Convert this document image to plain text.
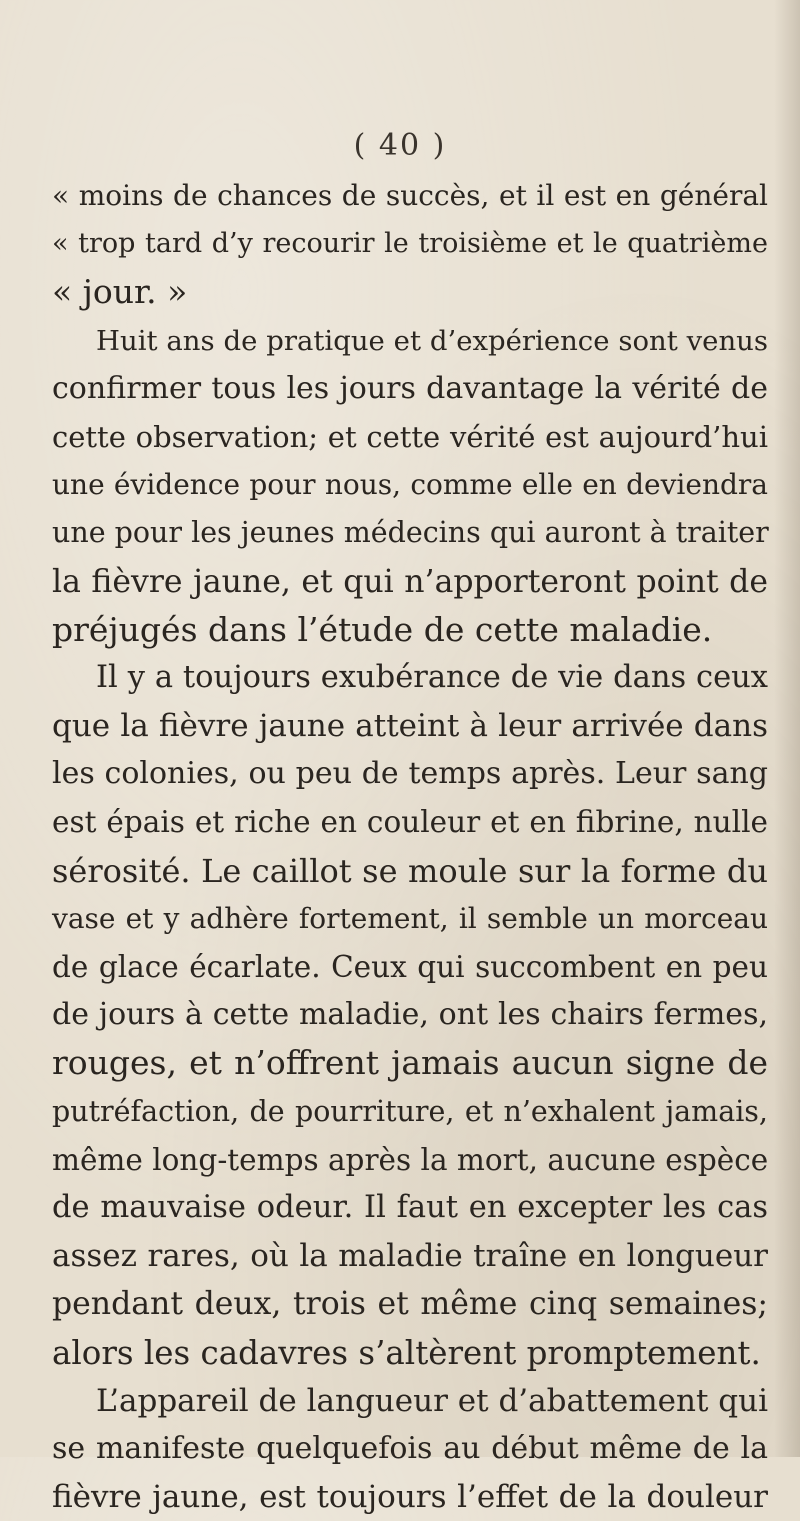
( 40 )
« moins de chances de succès, et il est en général
« trop tard d’y recourir le troisième et le quatrième
« jour. »
Huit ans de pratique et d’expérience sont venus
confirmer tous les jours davantage la vérité de
cette observation; et cette vérité est aujourd’hui
une évidence pour nous, comme elle en deviendra
une pour les jeunes médecins qui auront à traiter
la fièvre jaune, et qui n’apporteront point de
préjugés dans l’étude de cette maladie.
Il y a toujours exubérance de vie dans ceux
que la fièvre jaune atteint à leur arrivée dans
les colonies, ou peu de temps après. Leur sang
est épais et riche en couleur et en fibrine, nulle
sérosité. Le caillot se moule sur la forme du
vase et y adhère fortement, il semble un morceau
de glace écarlate. Ceux qui succombent en peu
de jours à cette maladie, ont les chairs fermes,
rouges, et n’offrent jamais aucun signe de
putréfaction, de pourriture, et n’exhalent jamais,
même long-temps après la mort, aucune espèce
de mauvaise odeur. Il faut en excepter les cas
assez rares, où la maladie traîne en longueur
pendant deux, trois et même cinq semaines;
alors les cadavres s’altèrent promptement.
L’appareil de langueur et d’abattement qui
se manifeste quelquefois au début même de la
fièvre jaune, est toujours l’effet de la douleur
